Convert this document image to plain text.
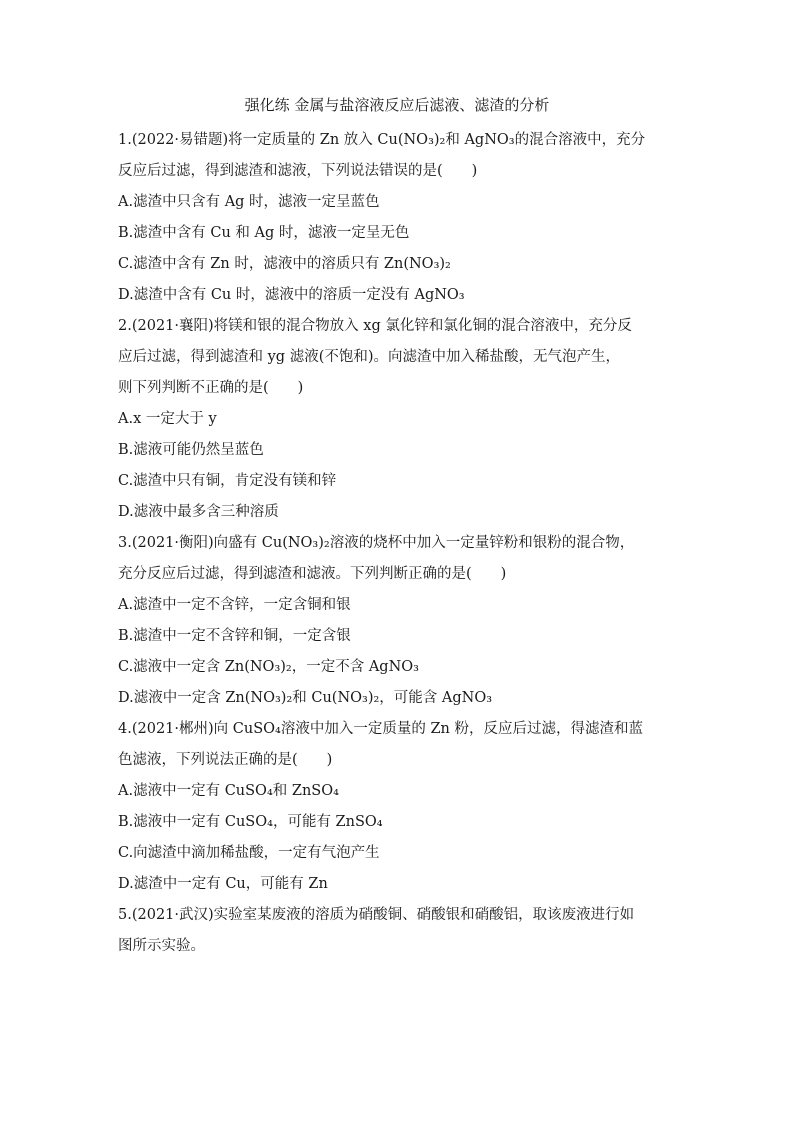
强化练 金属与盐溶液反应后滤液、滤渣的分析
1.(2022·易错题)将一定质量的 Zn 放入 Cu(NO₃)₂和 AgNO₃的混合溶液中，充分
反应后过滤，得到滤渣和滤液，下列说法错误的是(　　)
A.滤渣中只含有 Ag 时，滤液一定呈蓝色
B.滤渣中含有 Cu 和 Ag 时，滤液一定呈无色
C.滤渣中含有 Zn 时，滤液中的溶质只有 Zn(NO₃)₂
D.滤渣中含有 Cu 时，滤液中的溶质一定没有 AgNO₃
2.(2021·襄阳)将镁和银的混合物放入 xg 氯化锌和氯化铜的混合溶液中，充分反
应后过滤，得到滤渣和 yg 滤液(不饱和)。向滤渣中加入稀盐酸，无气泡产生，
则下列判断不正确的是(　　)
A.x 一定大于 y
B.滤液可能仍然呈蓝色
C.滤渣中只有铜，肯定没有镁和锌
D.滤液中最多含三种溶质
3.(2021·衡阳)向盛有 Cu(NO₃)₂溶液的烧杯中加入一定量锌粉和银粉的混合物，
充分反应后过滤，得到滤渣和滤液。下列判断正确的是(　　)
A.滤渣中一定不含锌，一定含铜和银
B.滤渣中一定不含锌和铜，一定含银
C.滤液中一定含 Zn(NO₃)₂，一定不含 AgNO₃
D.滤液中一定含 Zn(NO₃)₂和 Cu(NO₃)₂，可能含 AgNO₃
4.(2021·郴州)向 CuSO₄溶液中加入一定质量的 Zn 粉，反应后过滤，得滤渣和蓝
色滤液，下列说法正确的是(　　)
A.滤液中一定有 CuSO₄和 ZnSO₄
B.滤液中一定有 CuSO₄，可能有 ZnSO₄
C.向滤渣中滴加稀盐酸，一定有气泡产生
D.滤渣中一定有 Cu，可能有 Zn
5.(2021·武汉)实验室某废液的溶质为硝酸铜、硝酸银和硝酸铝，取该废液进行如
图所示实验。
